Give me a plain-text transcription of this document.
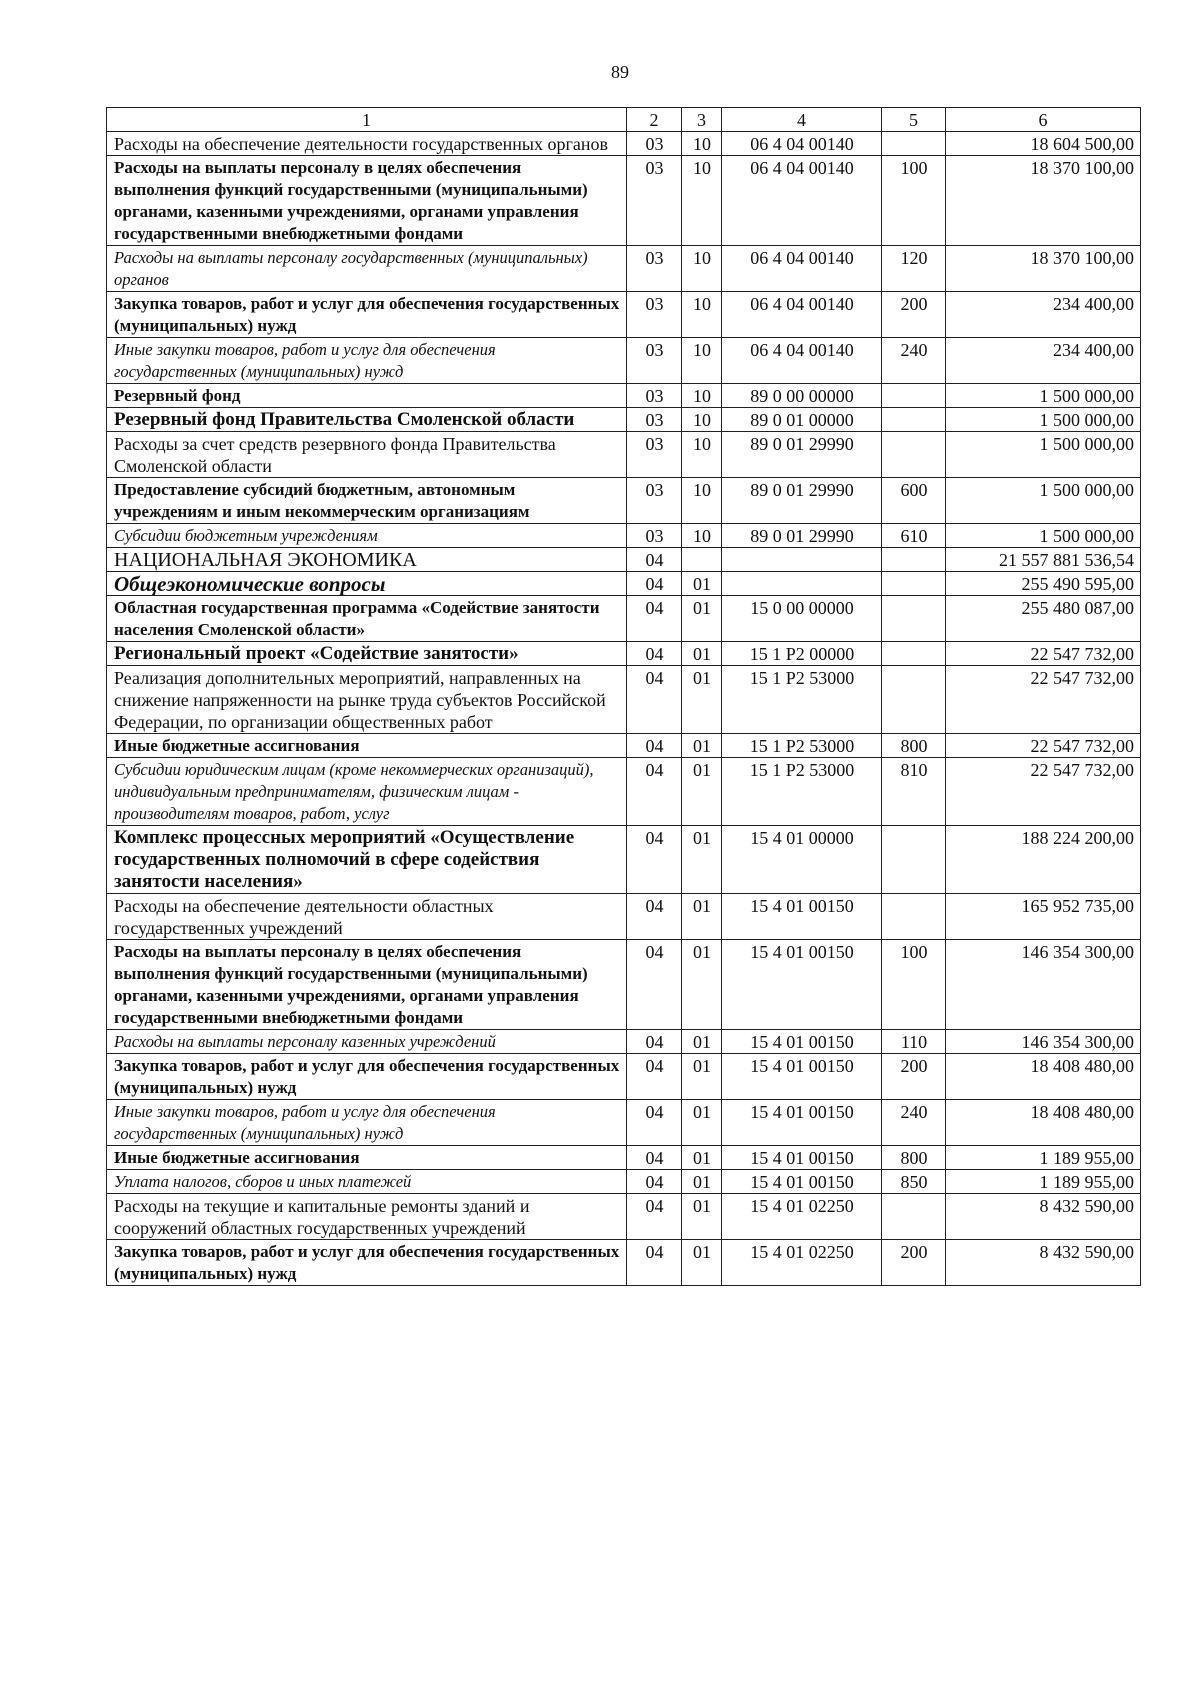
89
1	2	3	4	5	6
Расходы на обеспечение деятельности государственных органов	03	10	06 4 04 00140		18 604 500,00
Расходы на выплаты персоналу в целях обеспечения выполнения функций государственными (муниципальными) органами, казенными учреждениями, органами управления государственными внебюджетными фондами	03	10	06 4 04 00140	100	18 370 100,00
Расходы на выплаты персоналу государственных (муниципальных) органов	03	10	06 4 04 00140	120	18 370 100,00
Закупка товаров, работ и услуг для обеспечения государственных (муниципальных) нужд	03	10	06 4 04 00140	200	234 400,00
Иные закупки товаров, работ и услуг для обеспечения государственных (муниципальных) нужд	03	10	06 4 04 00140	240	234 400,00
Резервный фонд	03	10	89 0 00 00000		1 500 000,00
Резервный фонд Правительства Смоленской области	03	10	89 0 01 00000		1 500 000,00
Расходы за счет средств резервного фонда Правительства Смоленской области	03	10	89 0 01 29990		1 500 000,00
Предоставление субсидий бюджетным, автономным учреждениям и иным некоммерческим организациям	03	10	89 0 01 29990	600	1 500 000,00
Субсидии бюджетным учреждениям	03	10	89 0 01 29990	610	1 500 000,00
НАЦИОНАЛЬНАЯ ЭКОНОМИКА	04				21 557 881 536,54
Общеэкономические вопросы	04	01			255 490 595,00
Областная государственная программа «Содействие занятости населения Смоленской области»	04	01	15 0 00 00000		255 480 087,00
Региональный проект «Содействие занятости»	04	01	15 1 Р2 00000		22 547 732,00
Реализация дополнительных мероприятий, направленных на снижение напряженности на рынке труда субъектов Российской Федерации, по организации общественных работ	04	01	15 1 Р2 53000		22 547 732,00
Иные бюджетные ассигнования	04	01	15 1 Р2 53000	800	22 547 732,00
Субсидии юридическим лицам (кроме некоммерческих организаций), индивидуальным предпринимателям, физическим лицам - производителям товаров, работ, услуг	04	01	15 1 Р2 53000	810	22 547 732,00
Комплекс процессных мероприятий «Осуществление государственных полномочий в сфере содействия занятости населения»	04	01	15 4 01 00000		188 224 200,00
Расходы на обеспечение деятельности областных государственных учреждений	04	01	15 4 01 00150		165 952 735,00
Расходы на выплаты персоналу в целях обеспечения выполнения функций государственными (муниципальными) органами, казенными учреждениями, органами управления государственными внебюджетными фондами	04	01	15 4 01 00150	100	146 354 300,00
Расходы на выплаты персоналу казенных учреждений	04	01	15 4 01 00150	110	146 354 300,00
Закупка товаров, работ и услуг для обеспечения государственных (муниципальных) нужд	04	01	15 4 01 00150	200	18 408 480,00
Иные закупки товаров, работ и услуг для обеспечения государственных (муниципальных) нужд	04	01	15 4 01 00150	240	18 408 480,00
Иные бюджетные ассигнования	04	01	15 4 01 00150	800	1 189 955,00
Уплата налогов, сборов и иных платежей	04	01	15 4 01 00150	850	1 189 955,00
Расходы на текущие и капитальные ремонты зданий и сооружений областных государственных учреждений	04	01	15 4 01 02250		8 432 590,00
Закупка товаров, работ и услуг для обеспечения государственных (муниципальных) нужд	04	01	15 4 01 02250	200	8 432 590,00
